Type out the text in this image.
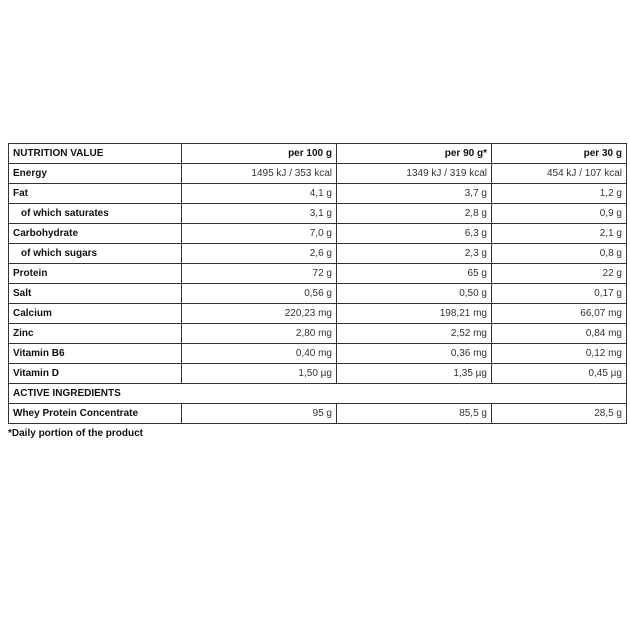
NUTRITION VALUE	per 100 g	per 90 g*	per 30 g
Energy	1495 kJ / 353 kcal	1349 kJ / 319 kcal	454 kJ / 107 kcal
Fat	4,1 g	3,7 g	1,2 g
of which saturates	3,1 g	2,8 g	0,9 g
Carbohydrate	7,0 g	6,3 g	2,1 g
of which sugars	2,6 g	2,3 g	0,8 g
Protein	72 g	65 g	22 g
Salt	0,56 g	0,50 g	0,17 g
Calcium	220,23 mg	198,21 mg	66,07 mg
Zinc	2,80 mg	2,52 mg	0,84 mg
Vitamin B6	0,40 mg	0,36 mg	0,12 mg
Vitamin D	1,50 µg	1,35 µg	0,45 µg
ACTIVE INGREDIENTS			
Whey Protein Concentrate	95 g	85,5 g	28,5 g
*Daily portion of the product
